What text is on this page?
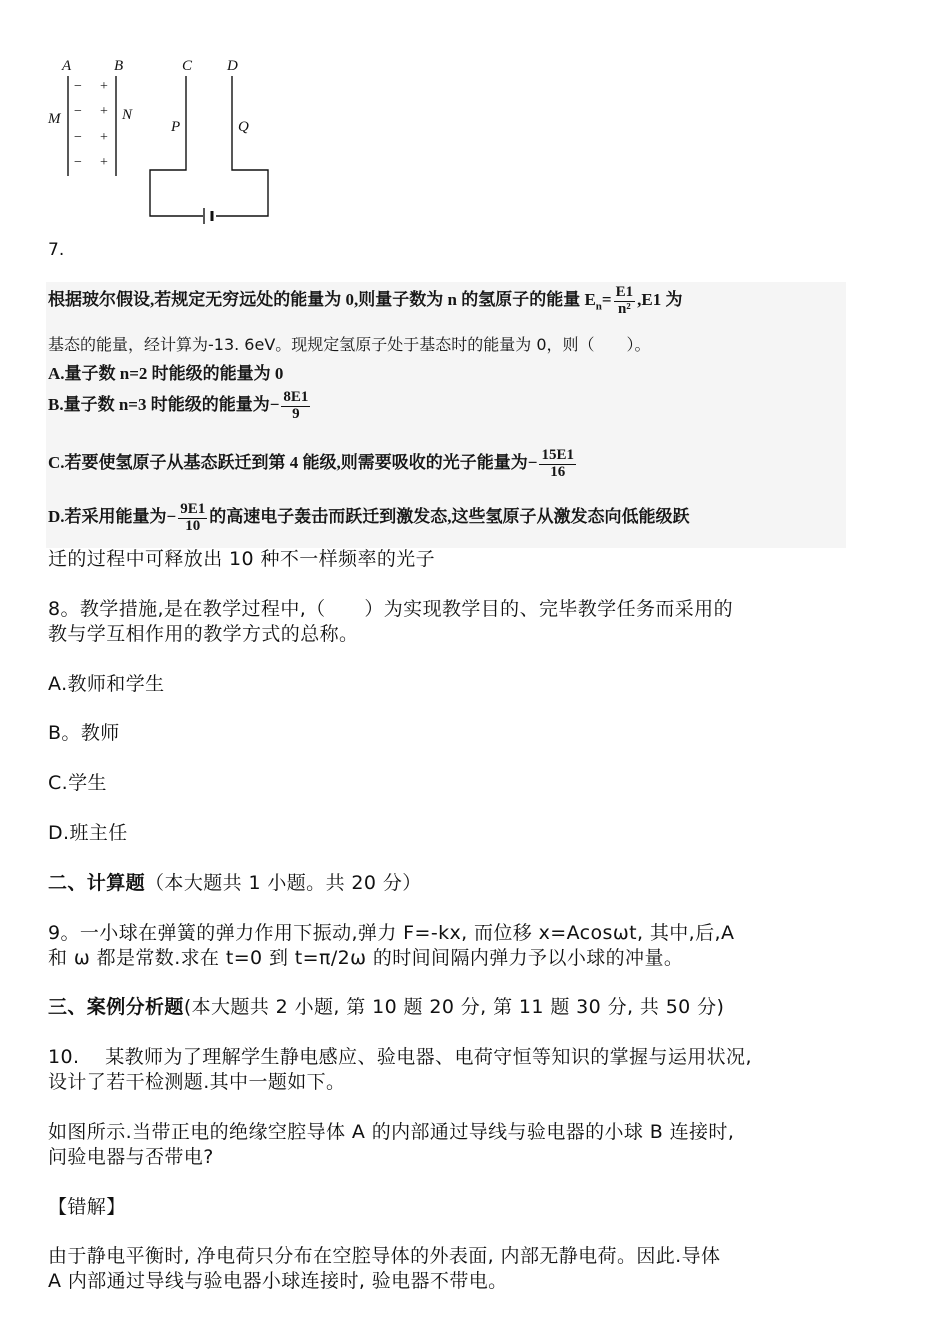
A	B	C D
M	N
P	Q
−
−
−
−
+
+
+
+
7.
根据玻尔假设,若规定无穷远处的能量为 0,则量子数为 n 的氢原子的能量 $E_n= \frac{E1}{\text{n²}} ,E1$ 为
基态的能量，经计算为-13. 6eV。现规定氢原子处于基态时的能量为 0，则（　　）。
A.量子数 n=2 时能级的能量为 0
B.量子数 n=3 时能级的能量为− $\frac{8E1}{9}$
C.若要使氢原子从基态跃迁到第 4 能级,则需要吸收的光子能量为− $\frac{15E1}{16}$
D.若采用能量为− $\frac{9E1}{10}$ 的高速电子轰击而跃迁到激发态,这些氢原子从激发态向低能级跃
迁的过程中可释放出 10 种不一样频率的光子
8。教学措施,是在教学过程中,（　　）为实现教学目的、完毕教学任务而采用的
教与学互相作用的教学方式的总称。
A.教师和学生
B。教师
C.学生
D.班主任
二、计算题（本大题共 1 小题。共 20 分）
9。一小球在弹簧的弹力作用下振动,弹力 F=-kx, 而位移 x=Acosωt, 其中,后,A
和 ω 都是常数.求在 t=0 到 t=π/2ω 的时间间隔内弹力予以小球的冲量。
三、案例分析题(本大题共 2 小题, 第 10 题 20 分, 第 11 题 30 分, 共 50 分)
10.　 某教师为了理解学生静电感应、验电器、电荷守恒等知识的掌握与运用状况,
设计了若干检测题.其中一题如下。
如图所示.当带正电的绝缘空腔导体 A 的内部通过导线与验电器的小球 B 连接时,
问验电器与否带电?
【错解】
由于静电平衡时, 净电荷只分布在空腔导体的外表面, 内部无静电荷。因此.导体
A 内部通过导线与验电器小球连接时, 验电器不带电。
